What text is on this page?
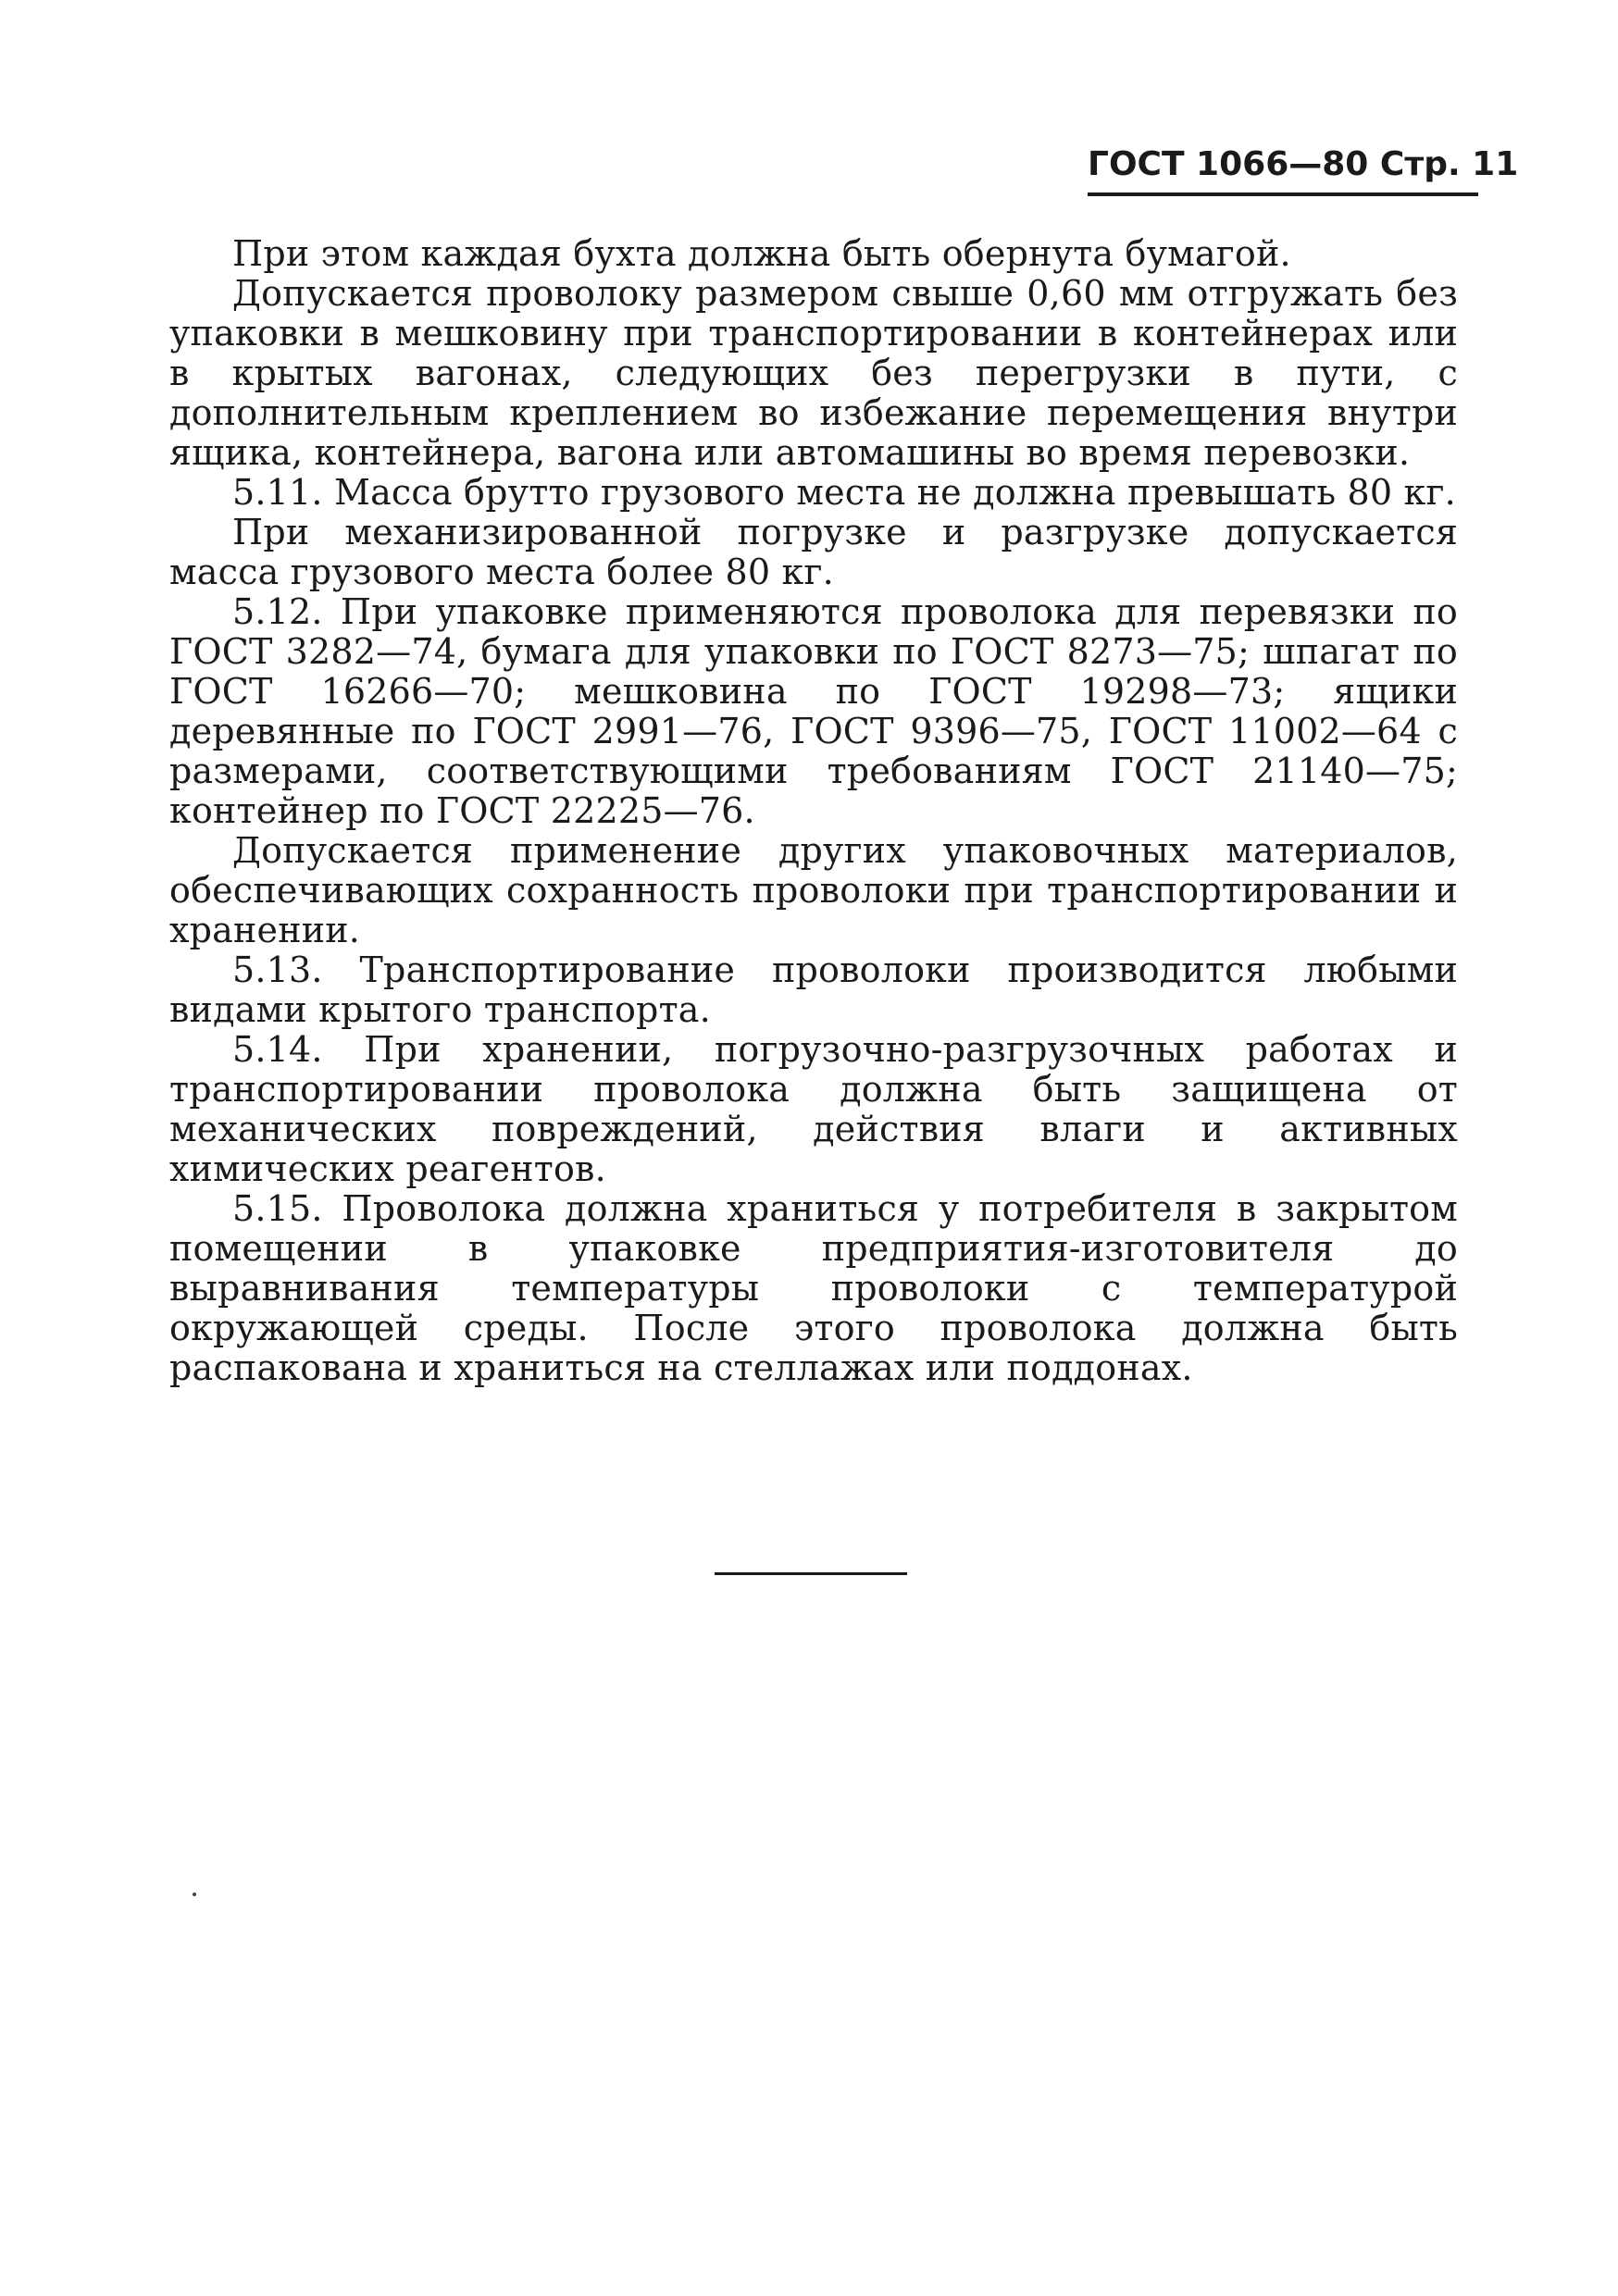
ГОСТ 1066—80 Стр. 11

При этом каждая бухта должна быть обернута бумагой.

Допускается проволоку размером свыше 0,60 мм отгружать без упаковки в мешковину при транспортировании в контейнерах или в крытых вагонах, следующих без перегрузки в пути, с дополнительным креплением во избежание перемещения внутри ящика, контейнера, вагона или автомашины во время перевозки.

5.11. Масса брутто грузового места не должна превышать 80 кг.

При механизированной погрузке и разгрузке допускается масса грузового места более 80 кг.

5.12. При упаковке применяются проволока для перевязки по ГОСТ 3282—74, бумага для упаковки по ГОСТ 8273—75; шпагат по ГОСТ 16266—70; мешковина по ГОСТ 19298—73; ящики деревянные по ГОСТ 2991—76, ГОСТ 9396—75, ГОСТ 11002—64 с размерами, соответствующими требованиям ГОСТ 21140—75; контейнер по ГОСТ 22225—76.

Допускается применение других упаковочных материалов, обеспечивающих сохранность проволоки при транспортировании и хранении.

5.13. Транспортирование проволоки производится любыми видами крытого транспорта.

5.14. При хранении, погрузочно-разгрузочных работах и транспортировании проволока должна быть защищена от механических повреждений, действия влаги и активных химических реагентов.

5.15. Проволока должна храниться у потребителя в закрытом помещении в упаковке предприятия-изготовителя до выравнивания температуры проволоки с температурой окружающей среды. После этого проволока должна быть распакована и храниться на стеллажах или поддонах.
